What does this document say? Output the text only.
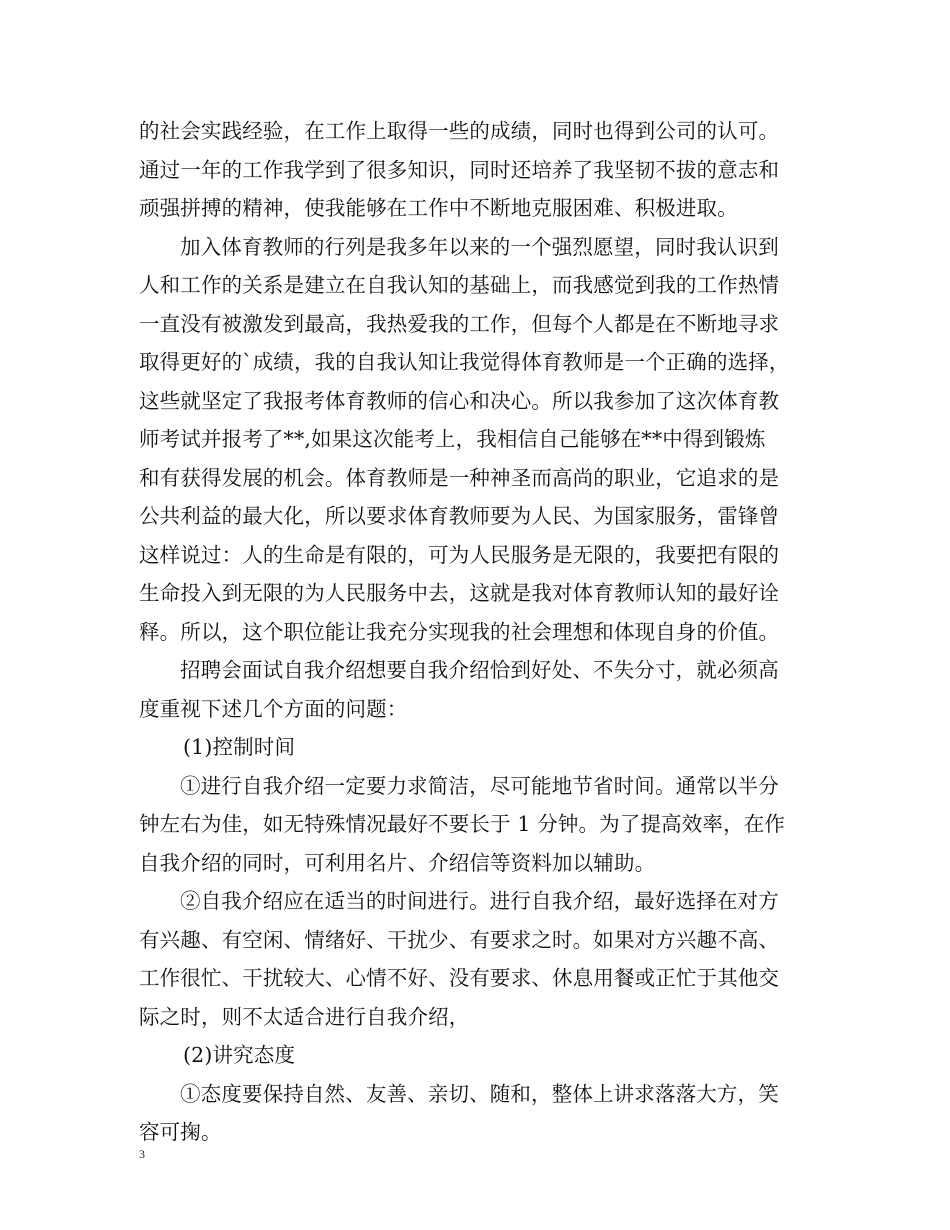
的社会实践经验，在工作上取得一些的成绩，同时也得到公司的认可。
通过一年的工作我学到了很多知识，同时还培养了我坚韧不拔的意志和
顽强拼搏的精神，使我能够在工作中不断地克服困难、积极进取。
加入体育教师的行列是我多年以来的一个强烈愿望，同时我认识到
人和工作的关系是建立在自我认知的基础上，而我感觉到我的工作热情
一直没有被激发到最高，我热爱我的工作，但每个人都是在不断地寻求
取得更好的`成绩，我的自我认知让我觉得体育教师是一个正确的选择，
这些就坚定了我报考体育教师的信心和决心。所以我参加了这次体育教
师考试并报考了**,如果这次能考上，我相信自己能够在**中得到锻炼
和有获得发展的机会。体育教师是一种神圣而高尚的职业，它追求的是
公共利益的最大化，所以要求体育教师要为人民、为国家服务，雷锋曾
这样说过：人的生命是有限的，可为人民服务是无限的，我要把有限的
生命投入到无限的为人民服务中去，这就是我对体育教师认知的最好诠
释。所以，这个职位能让我充分实现我的社会理想和体现自身的价值。
招聘会面试自我介绍想要自我介绍恰到好处、不失分寸，就必须高
度重视下述几个方面的问题：
(1)控制时间
①进行自我介绍一定要力求简洁，尽可能地节省时间。通常以半分
钟左右为佳，如无特殊情况最好不要长于 1 分钟。为了提高效率，在作
自我介绍的同时，可利用名片、介绍信等资料加以辅助。
②自我介绍应在适当的时间进行。进行自我介绍，最好选择在对方
有兴趣、有空闲、情绪好、干扰少、有要求之时。如果对方兴趣不高、
工作很忙、干扰较大、心情不好、没有要求、休息用餐或正忙于其他交
际之时，则不太适合进行自我介绍，
(2)讲究态度
①态度要保持自然、友善、亲切、随和，整体上讲求落落大方，笑
容可掬。
3
